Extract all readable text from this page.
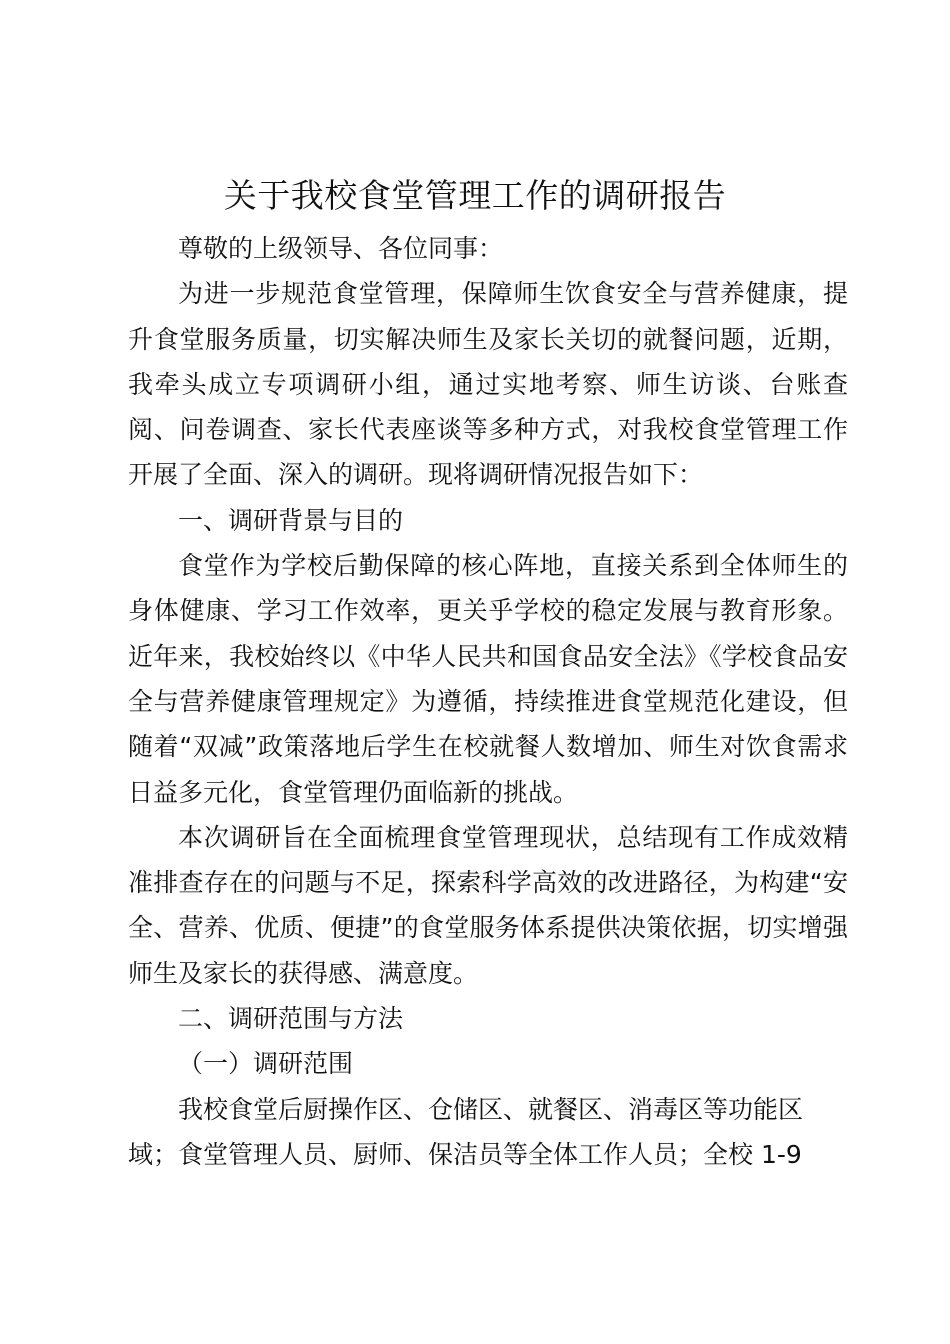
关于我校食堂管理工作的调研报告

尊敬的上级领导、各位同事：

为进一步规范食堂管理，保障师生饮食安全与营养健康，提升食堂服务质量，切实解决师生及家长关切的就餐问题，近期，我牵头成立专项调研小组，通过实地考察、师生访谈、台账查阅、问卷调查、家长代表座谈等多种方式，对我校食堂管理工作开展了全面、深入的调研。现将调研情况报告如下：

一、调研背景与目的

食堂作为学校后勤保障的核心阵地，直接关系到全体师生的身体健康、学习工作效率，更关乎学校的稳定发展与教育形象。近年来，我校始终以《中华人民共和国食品安全法》《学校食品安全与营养健康管理规定》为遵循，持续推进食堂规范化建设，但随着“双减”政策落地后学生在校就餐人数增加、师生对饮食需求日益多元化，食堂管理仍面临新的挑战。

本次调研旨在全面梳理食堂管理现状，总结现有工作成效精准排查存在的问题与不足，探索科学高效的改进路径，为构建“安全、营养、优质、便捷”的食堂服务体系提供决策依据，切实增强师生及家长的获得感、满意度。

二、调研范围与方法

（一）调研范围

我校食堂后厨操作区、仓储区、就餐区、消毒区等功能区域；食堂管理人员、厨师、保洁员等全体工作人员；全校 1-9
